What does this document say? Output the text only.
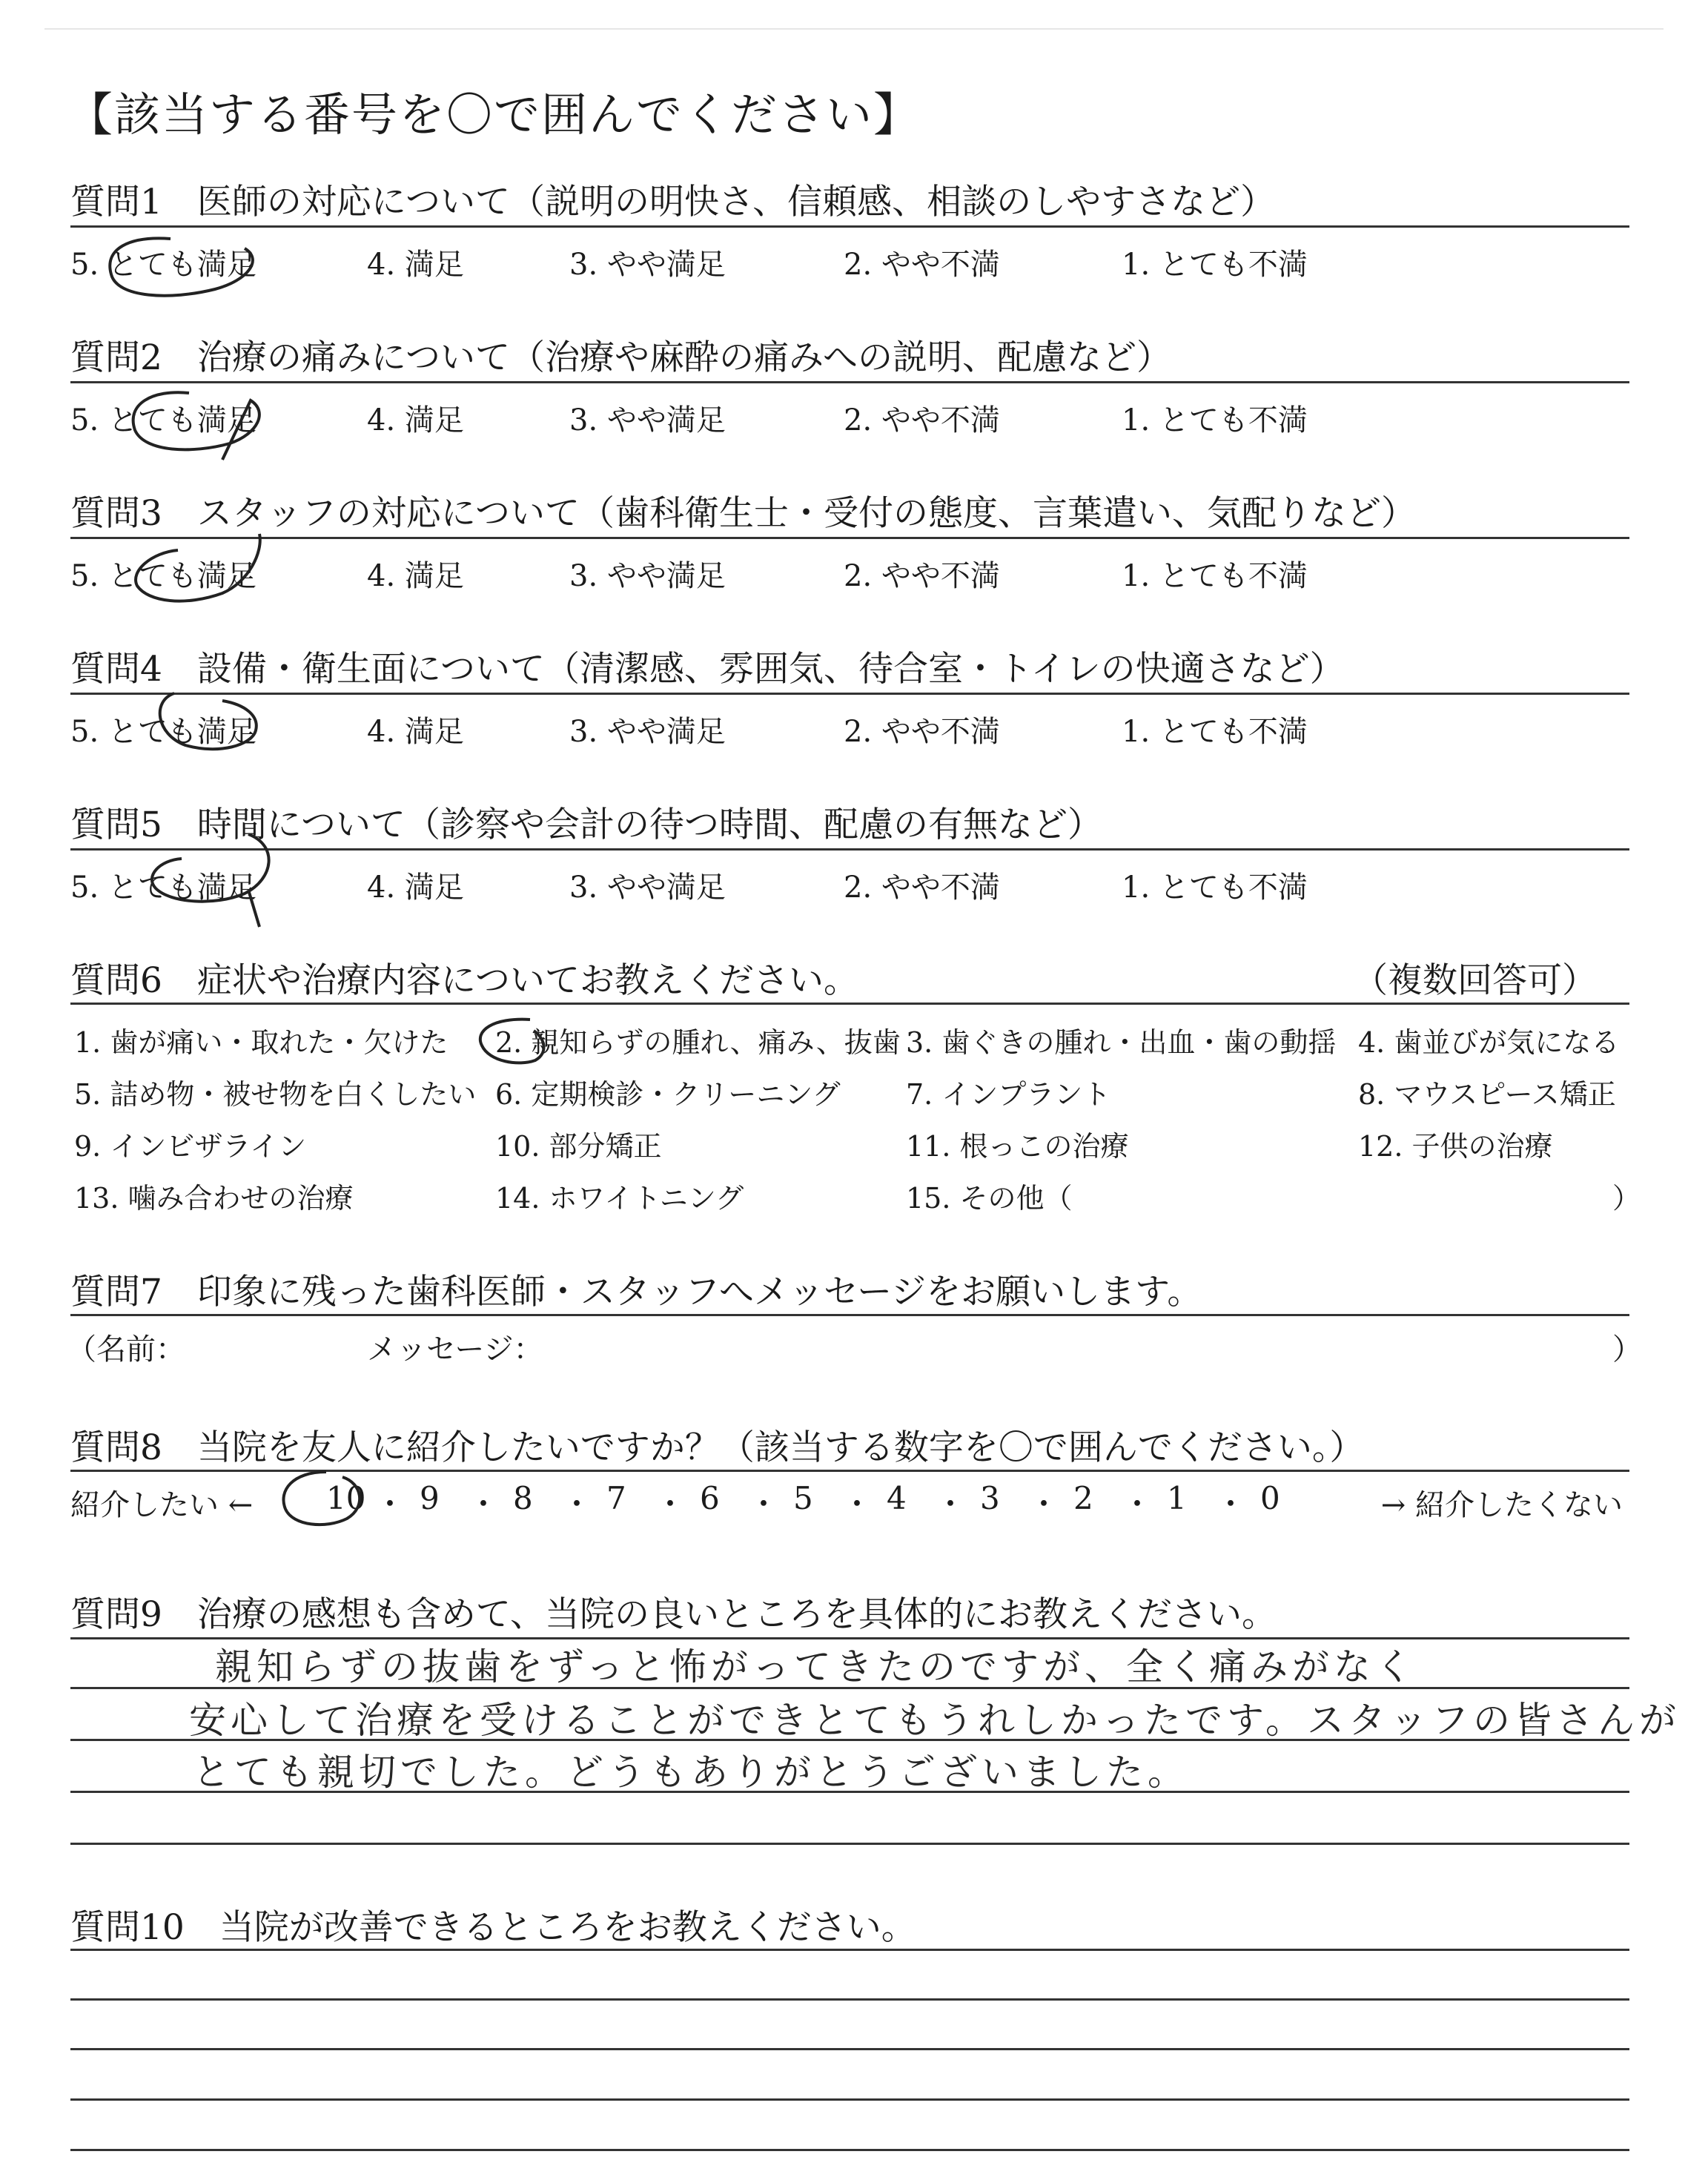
【該当する番号を〇で囲んでください】
質問1　医師の対応について（説明の明快さ、信頼感、相談のしやすさなど）
5. とても満足	4. 満足	3. やや満足	2. やや不満	1. とても不満
質問2　治療の痛みについて（治療や麻酔の痛みへの説明、配慮など）
5. とても満足	4. 満足	3. やや満足	2. やや不満	1. とても不満
質問3　スタッフの対応について（歯科衛生士・受付の態度、言葉遣い、気配りなど）
5. とても満足	4. 満足	3. やや満足	2. やや不満	1. とても不満
質問4　設備・衛生面について（清潔感、雰囲気、待合室・トイレの快適さなど）
5. とても満足	4. 満足	3. やや満足	2. やや不満	1. とても不満
質問5　時間について（診察や会計の待つ時間、配慮の有無など）
5. とても満足	4. 満足	3. やや満足	2. やや不満	1. とても不満
質問6　症状や治療内容についてお教えください。	（複数回答可）
1. 歯が痛い・取れた・欠けた 2. 親知らずの腫れ、痛み、抜歯 3. 歯ぐきの腫れ・出血・歯の動揺 4. 歯並びが気になる
5. 詰め物・被せ物を白くしたい 6. 定期検診・クリーニング 7. インプラント	8. マウスピース矯正
9. インビザライン	10. 部分矯正	11. 根っこの治療	12. 子供の治療
13. 噛み合わせの治療	14. ホワイトニング	15. その他（	）
質問7　印象に残った歯科医師・スタッフへメッセージをお願いします。
（名前：	メッセージ：	）
質問8　当院を友人に紹介したいですか？（該当する数字を〇で囲んでください。）
紹介したい ←	→ 紹介したくない
10 ・ 9 ・ 8 ・ 7 ・ 6 ・ 5 ・ 4 ・ 3 ・ 2 ・ 1 ・ 0
質問9　治療の感想も含めて、当院の良いところを具体的にお教えください。
親知らずの抜歯をずっと怖がってきたのですが、全く痛みがなく
安心して治療を受けることができとてもうれしかったです。スタッフの皆さんが
とても親切でした。どうもありがとうございました。
質問10　当院が改善できるところをお教えください。
